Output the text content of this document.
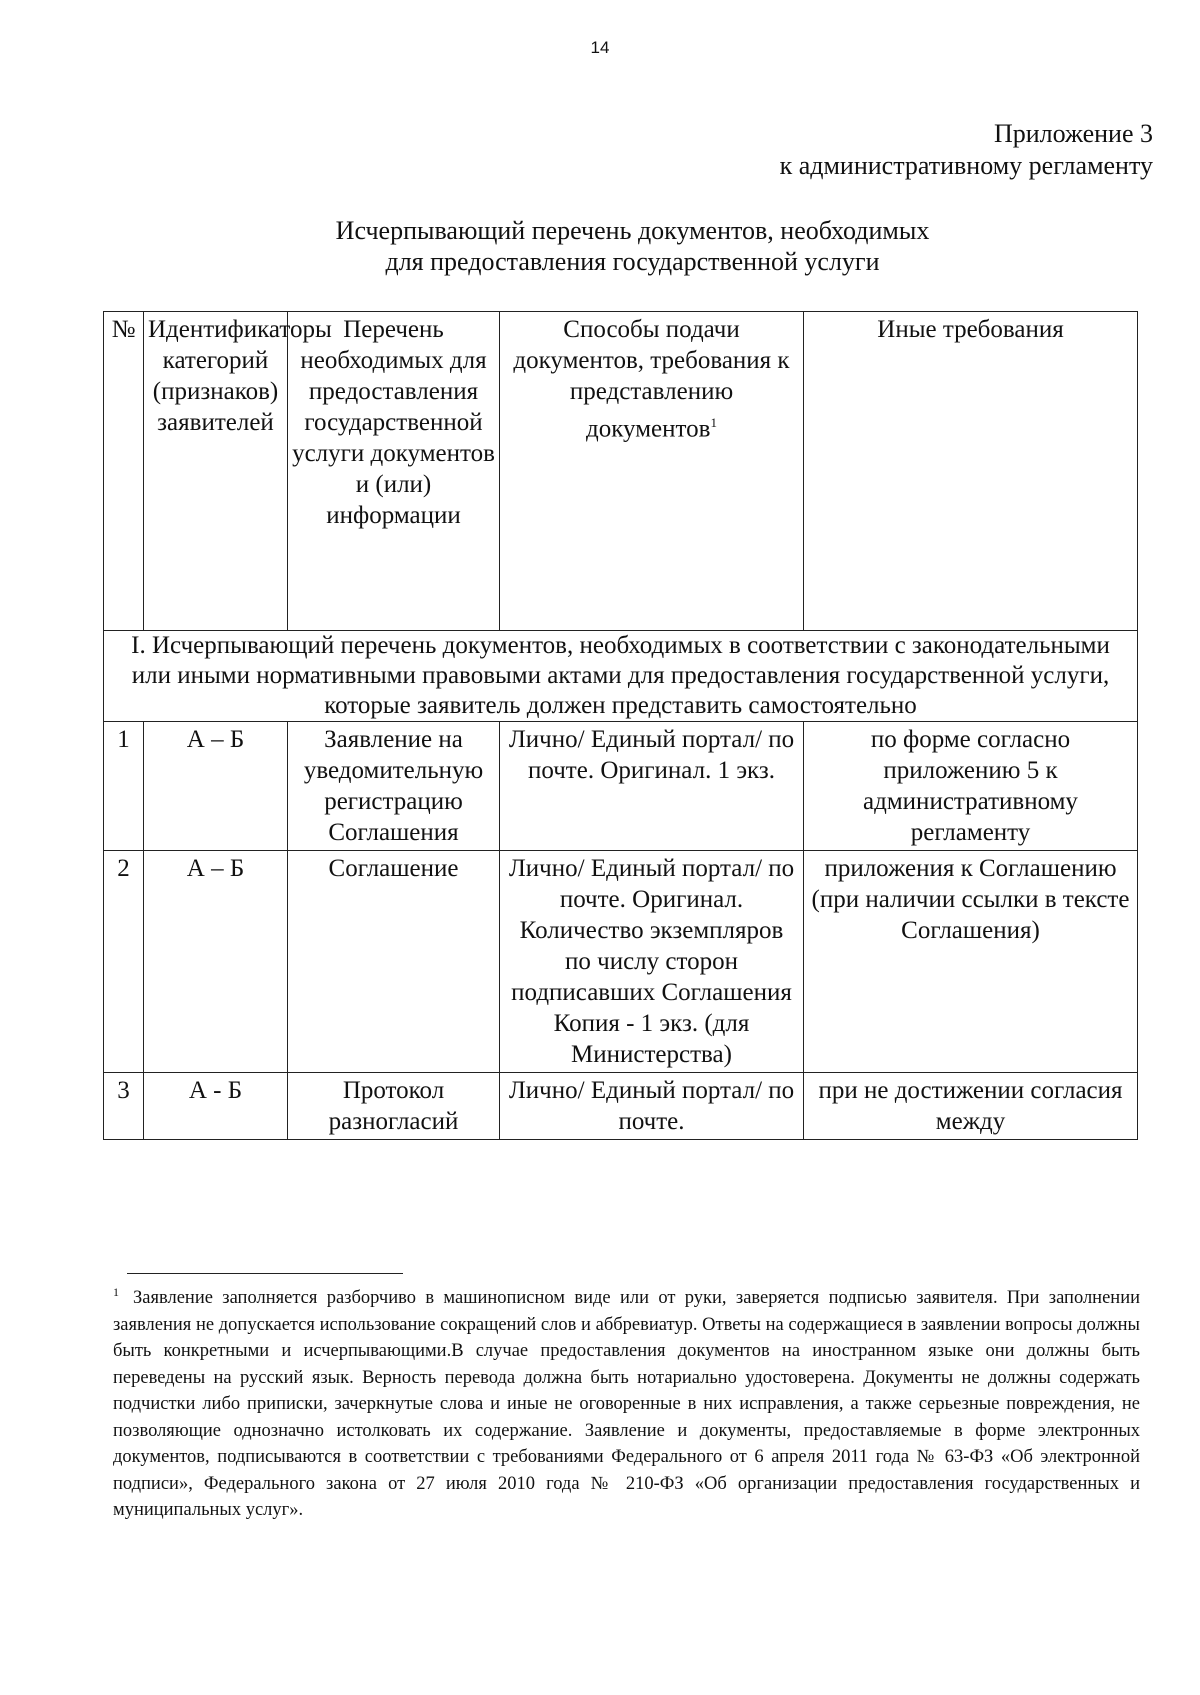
14
Приложение 3
к административному регламенту
Исчерпывающий перечень документов, необходимых
для предоставления государственной услуги
№	Идентификаторы категорий (признаков) заявителей	Перечень необходимых для предоставления государственной услуги документов и (или) информации	Способы подачи документов, требования к представлению документов$^1$	Иные требования
I. Исчерпывающий перечень документов, необходимых в соответствии с законодательными или иными нормативными правовыми актами для предоставления государственной услуги, которые заявитель должен представить самостоятельно				
1	А – Б	Заявление на уведомительную регистрацию Соглашения	Лично/ Единый портал/ по почте. Оригинал. 1 экз.	по форме согласно приложению 5 к административному регламенту
2	А – Б	Соглашение	Лично/ Единый портал/ по почте. Оригинал. Количество экземпляров по числу сторон подписавших Соглашения Копия - 1 экз. (для Министерства)	приложения к Соглашению (при наличии ссылки в тексте Соглашения)
3	А - Б	Протокол разногласий	Лично/ Единый портал/ по почте.	при не достижении согласия между
$^1$ Заявление заполняется разборчиво в машинописном виде или от руки, заверяется подписью заявителя. При заполнении заявления не допускается использование сокращений слов и аббревиатур. Ответы на содержащиеся в заявлении вопросы должны быть конкретными и исчерпывающими.В случае предоставления документов на иностранном языке они должны быть переведены на русский язык. Верность перевода должна быть нотариально удостоверена. Документы не должны содержать подчистки либо приписки, зачеркнутые слова и иные не оговоренные в них исправления, а также серьезные повреждения, не позволяющие однозначно истолковать их содержание. Заявление и документы, предоставляемые в форме электронных документов, подписываются в соответствии с требованиями Федерального от 6 апреля 2011 года № 63-ФЗ «Об электронной подписи», Федерального закона от 27 июля 2010 года № 210-ФЗ «Об организации предоставления государственных и муниципальных услуг».
